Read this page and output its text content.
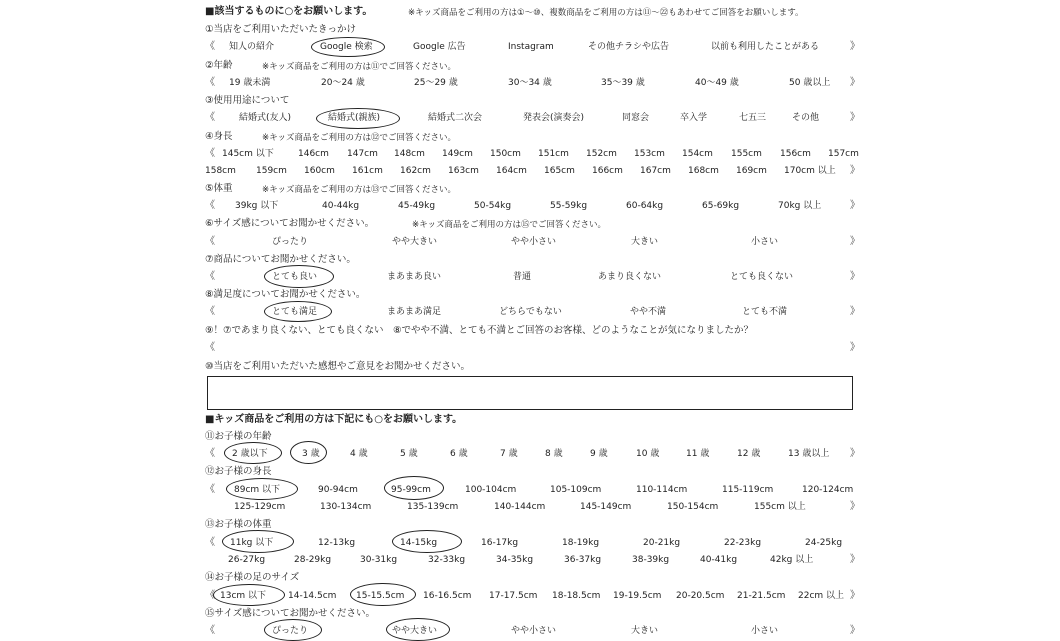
■該当するものに○をお願いします。	※キッズ商品をご利用の方は①〜⑩、複数商品をご利用の方は⑪〜㉒もあわせてご回答をお願いします。
①当店をご利用いただいたきっかけ
《 知人の紹介	Google 検索	Google 広告	Instagram	その他チラシや広告	以前も利用したことがある	》
②年齢	※キッズ商品をご利用の方は⑪でご回答ください。
《 19 歳未満	20〜24 歳	25〜29 歳	30〜34 歳	35〜39 歳	40〜49 歳	50 歳以上 》
③使用用途について
《	結婚式(友人)	結婚式(親族)	結婚式二次会	発表会(演奏会)	同窓会	卒入学	七五三	その他	》
④身長	※キッズ商品をご利用の方は⑫でご回答ください。
《 145cm 以下	146cm 147cm 148cm 149cm 150cm 151cm 152cm 153cm 154cm 155cm 156cm 157cm
158cm 159cm 160cm 161cm 162cm 163cm 164cm 165cm 166cm 167cm 168cm 169cm 170cm 以上 》
⑤体重	※キッズ商品をご利用の方は⑬でご回答ください。
《 39kg 以下	40-44kg	45-49kg	50-54kg	55-59kg	60-64kg	65-69kg	70kg 以上	》
⑥サイズ感についてお聞かせください。	※キッズ商品をご利用の方は⑮でご回答ください。
《	ぴったり	やや大きい	やや小さい	大きい	小さい	》
⑦商品についてお聞かせください。
《	とても良い	まあまあ良い	普通	あまり良くない	とても良くない	》
⑧満足度についてお聞かせください。
《	とても満足	まあまあ満足	どちらでもない	やや不満	とても不満	》
⑨！⑦であまり良くない、とても良くない　⑧でやや不満、とても不満とご回答のお客様、どのようなことが気になりましたか？
《	》
⑩当店をご利用いただいた感想やご意見をお聞かせください。
■キッズ商品をご利用の方は下記にも○をお願いします。
⑪お子様の年齢
《 2 歳以下	3 歳	4 歳	5 歳	6 歳	7 歳	8 歳	9 歳	10 歳	11 歳	12 歳	13 歳以上 》
⑫お子様の身長
《 89cm 以下	90-94cm	95-99cm	100-104cm	105-109cm	110-114cm	115-119cm	120-124cm
125-129cm	130-134cm	135-139cm	140-144cm	145-149cm	150-154cm	155cm 以上	》
⑬お子様の体重
《 11kg 以下	12-13kg	14-15kg	16-17kg	18-19kg	20-21kg	22-23kg	24-25kg
26-27kg	28-29kg	30-31kg	32-33kg	34-35kg	36-37kg	38-39kg	40-41kg	42kg 以上	》
⑭お子様の足のサイズ
《 13cm 以下 14-14.5cm 15-15.5cm 16-16.5cm 17-17.5cm 18-18.5cm 19-19.5cm 20-20.5cm 21-21.5cm 22cm 以上 》
⑮サイズ感についてお聞かせください。
《	ぴったり	やや大きい	やや小さい	大きい	小さい	》
